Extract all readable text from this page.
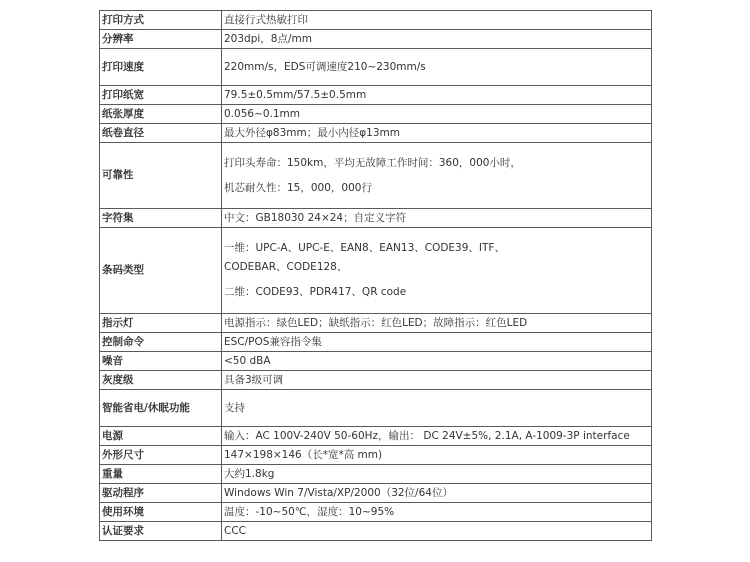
打印方式	直接行式热敏打印
分辨率	203dpi，8点/mm
打印速度	220mm/s，EDS可调速度210~230mm/s
打印纸宽	79.5±0.5mm/57.5±0.5mm
纸张厚度	0.056~0.1mm
纸卷直径	最大外径φ83mm；最小内径φ13mm
可靠性	打印头寿命：150km，平均无故障工作时间：360，000小时，
机芯耐久性：15，000，000行

字符集	中文：GB18030 24×24；自定义字符
条码类型	一维：UPC-A、UPC-E、EAN8、EAN13、CODE39、ITF、
CODEBAR、CODE128、
二维：CODE93、PDR417、QR code

指示灯	电源指示：绿色LED；缺纸指示：红色LED；故障指示：红色LED
控制命令	ESC/POS兼容指令集
噪音	<50 dBA
灰度级	具备3级可调
智能省电/休眠功能	支持
电源	输入：AC 100V-240V 50-60Hz，输出： DC 24V±5%, 2.1A, A-1009-3P interface
外形尺寸	147×198×146（长*宽*高 mm)
重量	大约1.8kg
驱动程序	Windows Win 7/Vista/XP/2000（32位/64位）
使用环境	温度：-10~50℃，湿度：10~95%
认证要求	CCC
